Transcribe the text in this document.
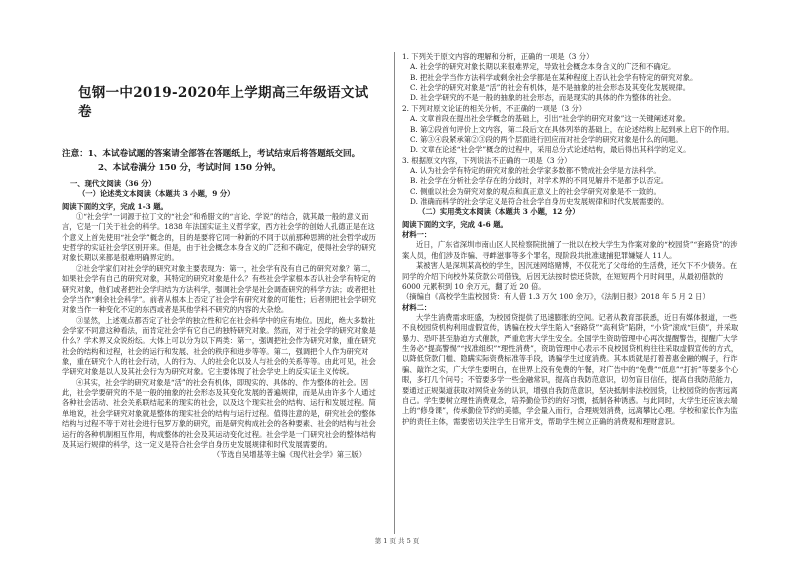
包钢一中2019-2020年上学期高三年级语文试卷

注意：1、本试卷试题的答案请全部答在答题纸上，考试结束后将答题纸交回。

2、本试卷满分 150 分，考试时间 150 分钟。

一、现代文阅读（36 分）

（一）论述类文本阅读（本题共 3 小题，9 分）

阅读下面的文字，完成 1-3 题。

①“社会学”一词源于拉丁文的“社会”和希腊文的“言论、学说”的结合，就其最一般的意义而言，它是一门关于社会的科学。1838 年法国实证主义哲学家，西方社会学的创始人孔德正是在这个意义上首先使用“社会学”概念的，目的是要将它同一种新的不同于以前那种思辨的社会哲学或历史哲学的实证社会学区别开来。但是，由于社会概念本身含义的广泛和不确定，使得社会学的研究对象长期以来都是很难明确界定的。

②社会学家们对社会学的研究对象主要表现为：第一，社会学有没有自己的研究对象？第二，如果社会学有自己的研究对象，其特定的研究对象是什么？有些社会学家根本否认社会学有特定的研究对象，他们或者把社会学归结为方法科学，强调社会学是社会调查研究的科学方法；或者把社会学当作“剩余社会科学”。前者从根本上否定了社会学有研究对象的可能性；后者则把社会学研究对象当作一种变化不定的东西或者是其他学科不研究的内容的大杂烩。

③显然，上述观点都否定了社会学的独立性和它在社会科学中的应有地位。因此，绝大多数社会学家不同意这种看法，而肯定社会学有它自己的独特研究对象。然而，对于社会学的研究对象是什么？学术界又众说纷纭。大体上可以分为以下两类：第一，强调把社会作为研究对象，重在研究社会的结构和过程，社会的运行和发展、社会的秩序和进步等等。第二，强调把个人作为研究对象，重在研究个人的社会行动，人的行为、人的社会化以及人与社会的关系等等。由此可见，社会学研究对象是以人及其社会行为为研究对象。它主要体现了社会学史上的反实证主义传统。

④其实，社会学的研究对象是“活”的社会有机体，即现实的、具体的、作为整体的社会。因此，社会学要研究的不是一般的抽象的社会形态及其变化发展的普遍规律，而是从由许多个人通过各种社会活动、社会关系联结起来的现实的社会，以及这个现实社会的结构、运行和发展过程。简单地说，社会学研究对象就是整体的现实社会的结构与运行过程。值得注意的是，研究社会的整体结构与过程不等于对社会进行包罗万象的研究，而是研究构成社会的各种要素、社会的结构与社会运行的各种机制相互作用，构成整体的社会及其运动变化过程。社会学是一门研究社会的整体结构及其运行规律的科学，这一定义是符合社会学自身历史发展规律和时代发展需要的。

（节选自吴增基等主编《现代社会学》第三版）

1. 下列关于原文内容的理解和分析，正确的一项是（3 分）

A. 社会学的研究对象长期以来很难界定，导致社会概念本身含义的广泛和不确定。

B. 把社会学当作方法科学或剩余社会学都是在某种程度上否认社会学有特定的研究对象。

C. 社会学的研究对象是“活”的社会有机体，是不是抽象的社会形态及其变化发展规律。

D. 社会学研究的不是一般的抽象的社会形态，而是现实的具体的作为整体的社会。

2. 下列对原文论证的相关分析，不正确的一项是（3 分）

A. 文章首段在提出社会学概念的基础上，引出“社会学的研究对象”这一关键阐述对象。

B. 第②段首句评价上文内容，第二段后文在具体列举的基础上，在论述结构上起到承上启下的作用。

C. 第③④段紧承第②③段的两个层面进行回应而对社会学的研究对象是什么的问题。

D. 文章在论述“社会学”概念的过程中，采用总分式论述结构，最后得出其科学的定义。

3. 根据原文内容，下列说法不正确的一项是（3 分）

A. 认为社会学有特定的研究对象的社会学家多数都不赞成社会学是方法科学。

B. 社会学在分析社会学存在的分歧时，对学术界的不同见解并不是都予以否定。

C. 侧重以社会为研究对象的观点和真正意义上的社会学研究对象是不一致的。

D. 准确而科学的社会学定义是符合社会学自身历史发展规律和时代发展需要的。

（二）实用类文本阅读（本题共 3 小题，12 分）

阅读下面的文字，完成 4-6 题。

材料一：

近日，广东省深圳市南山区人民检察院批捕了一批以在校大学生为作案对象的“校园贷”“套路贷”的涉案人员，他们涉及诈骗、寻衅滋事等多个罪名，现阶段共批准逮捕犯罪嫌疑人 11人。

某被害人是深圳某高校的学生，因沉迷网络赌博，不仅花光了父母给的生活费，还欠下不少债务。在同学的介绍下向校外某贷款公司借钱，后因无法按时偿还贷款，在短短两个月时间里，从最初借款的 6000 元累积到 10 余万元，翻了近 20 倍。

（摘编自《高校学生监校园贷：有人借 1.3 万欠 100 余万》，《法制日报》2018 年 5 月 2 日）

材料二：

大学生消费需求旺盛，为校园贷提供了迅速膨胀的空间。记者从教育部获悉，近日有媒体报道，一些不良校园贷机构利用虚假宣传，诱骗在校大学生陷入“套路贷”“高利贷”陷阱，“小贷”滚成“巨债”，并采取暴力、恐吓甚至胁迫方式催款，严重危害大学生安全。全国学生资助管理中心再次提醒警告，提醒广大学生务必“提高警惕”“找准组织”“理性消费”，资助管理中心表示不良校园贷机构往往采取虚假宣传的方式，以降低贷款门槛、隐瞒实际资费标准等手段，诱骗学生过度消费。其本质就是打着普惠金融的幌子，行诈骗、敲诈之实，广大学生要明白，在世界上没有免费的午餐，对广告中的“免费”“低息”“打折”等要多个心眼，多打几个问号；不管要多学一些金融常识，提高自我防范意识，切勿盲目信任，提高自我防范能力，要通过正规渠道获取对网贷业务的认识，增强自我防范意识，坚决抵制非法校园贷，让校园贷的伤害远离自己。学生要树立理性消费观念，培养勤俭节约的好习惯，抵制各种诱惑。与此同时，大学生还应该去端上的“修身课”，传承勤俭节约的美德，学会量入而行，合理规划消费，远离攀比心理。学校和家长作为监护的责任主体，需要密切关注学生日常开支，帮助学生树立正确的消费观和理财意识。

第 1 页 共 5 页
